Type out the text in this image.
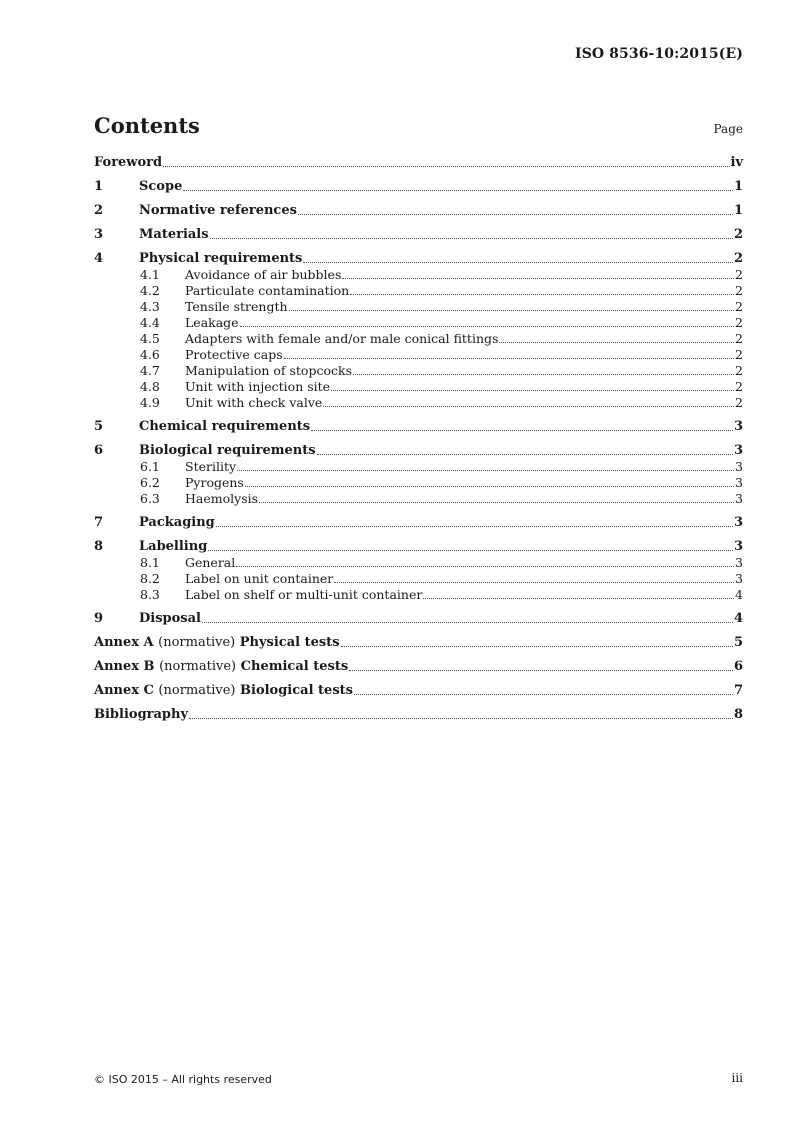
ISO 8536-10:2015(E)
Contents	Page
Foreword	iv
1	Scope	1
2	Normative references	1
3	Materials	2
4	Physical requirements	2
4.1 Avoidance of air bubbles	2
4.2 Particulate contamination	2
4.3 Tensile strength	2
4.4 Leakage	2
4.5 Adapters with female and/or male conical fittings	2
4.6 Protective caps	2
4.7 Manipulation of stopcocks	2
4.8 Unit with injection site	2
4.9 Unit with check valve	2
5	Chemical requirements	3
6	Biological requirements	3
6.1 Sterility	3
6.2 Pyrogens	3
6.3 Haemolysis	3
7	Packaging	3
8	Labelling	3
8.1 General	3
8.2 Label on unit container	3
8.3 Label on shelf or multi-unit container	4
9	Disposal	4
Annex A (normative) Physical tests	5
Annex B (normative) Chemical tests	6
Annex C (normative) Biological tests	7
Bibliography	8
© ISO 2015 – All rights reserved	iii
